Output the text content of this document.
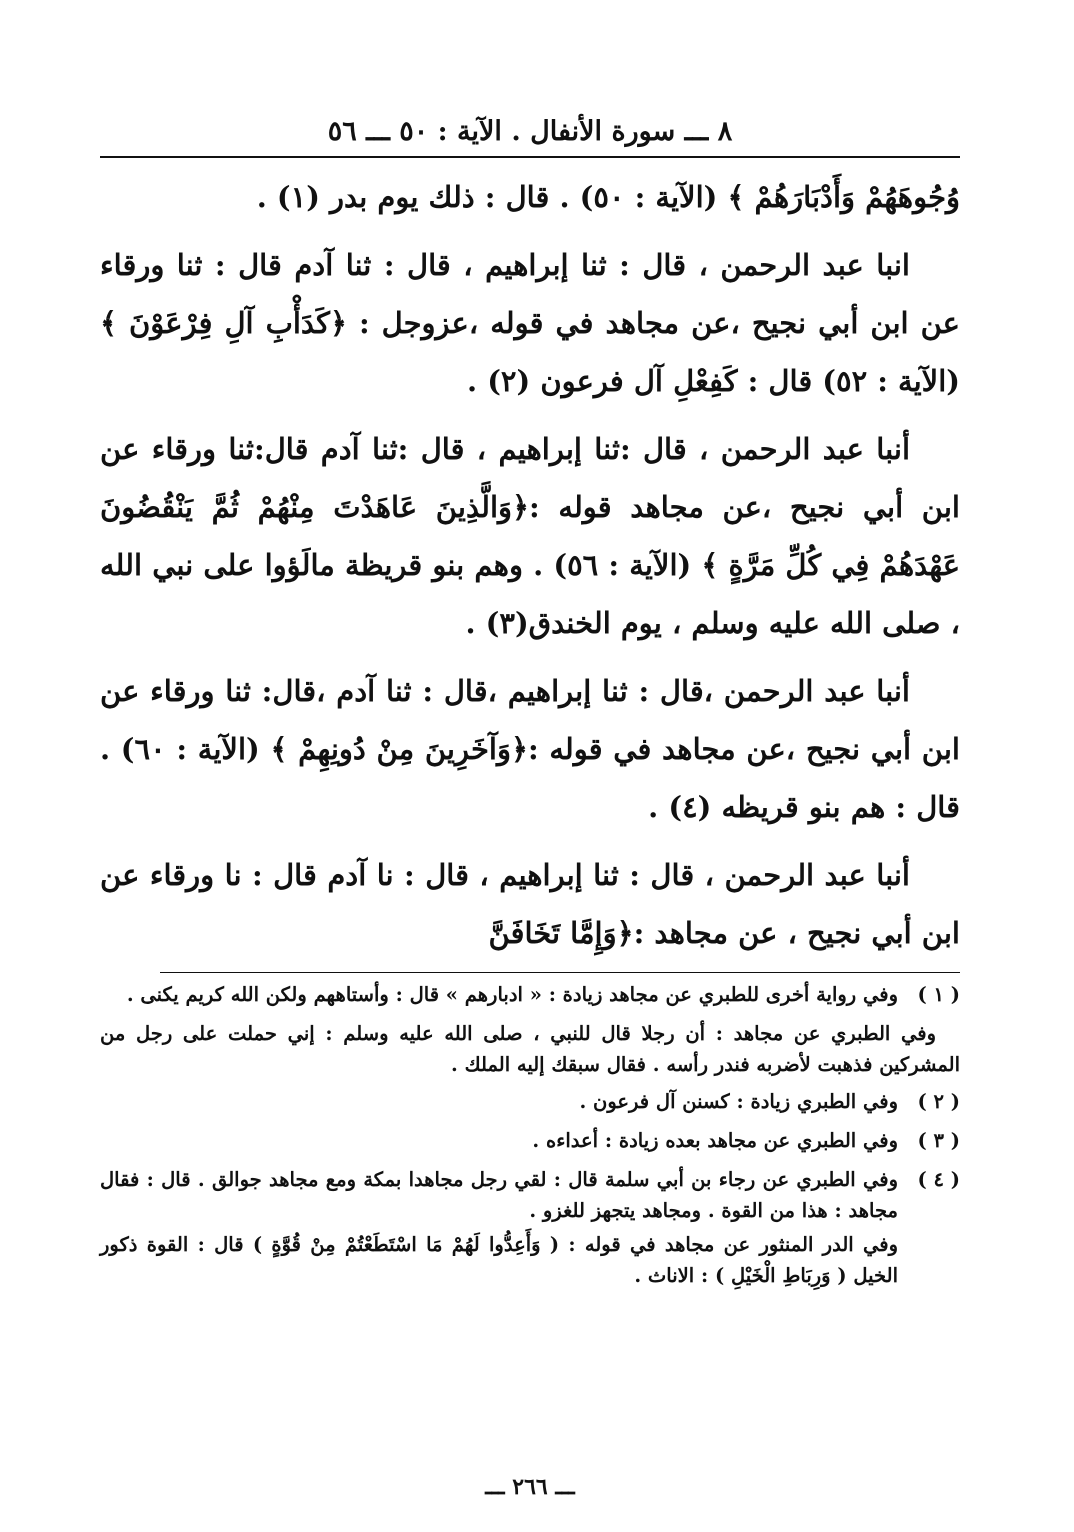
٨ ـــ سورة الأنفال . الآية : ٥٠ ـــ ٥٦

وُجُوهَهُمْ وَأَدْبَارَهُمْ ﴾ (الآية : ٥٠) . قال : ذلك يوم بدر (١) .

انبا عبد الرحمن ، قال : ثنا إبراهيم ، قال : ثنا آدم قال : ثنا ورقاء عن ابن أبي نجيح ،عن مجاهد في قوله ،عزوجل : ﴿كَدَأْبِ آلِ فِرْعَوْنَ ﴾ (الآية : ٥٢) قال : كَفِعْلِ آل فرعون (٢) .

أنبا عبد الرحمن ، قال :ثنا إبراهيم ، قال :ثنا آدم قال:ثنا ورقاء عن ابن أبي نجيح ،عن مجاهد قوله :﴿وَالَّذِينَ عَاهَدْتَ مِنْهُمْ ثُمَّ يَنْقُضُونَ عَهْدَهُمْ فِي كُلِّ مَرَّةٍ ﴾ (الآية : ٥٦) . وهم بنو قريظة مالَؤوا على نبي الله ، صلى الله عليه وسلم ، يوم الخندق(٣) .

أنبا عبد الرحمن ،قال : ثنا إبراهيم ،قال : ثنا آدم ،قال: ثنا ورقاء عن ابن أبي نجيح ،عن مجاهد في قوله :﴿وَآخَرِينَ مِنْ دُونِهِمْ ﴾ (الآية : ٦٠) . قال : هم بنو قريظه (٤) .

أنبا عبد الرحمن ، قال : ثنا إبراهيم ، قال : نا آدم قال : نا ورقاء عن ابن أبي نجيح ، عن مجاهد :﴿وَإِمَّا تَخَافَنَّ

( ١ )

وفي رواية أخرى للطبري عن مجاهد زيادة : « ادبارهم » قال : وأستاههم ولكن الله كريم يكنى .

وفي الطبري عن مجاهد : أن رجلا قال للنبي ، صلى الله عليه وسلم : إني حملت على رجل من المشركين فذهبت لأضربه فندر رأسه . فقال سبقك إليه الملك .

( ٢ )

وفي الطبري زيادة : كسنن آل فرعون .

( ٣ )

وفي الطبري عن مجاهد بعده زيادة : أعداءه .

( ٤ )

وفي الطبري عن رجاء بن أبي سلمة قال : لقي رجل مجاهدا بمكة ومع مجاهد جوالق . قال : فقال مجاهد : هذا من القوة . ومجاهد يتجهز للغزو .

وفي الدر المنثور عن مجاهد في قوله : ( وَأَعِدُّوا لَهُمْ مَا اسْتَطَعْتُمْ مِنْ قُوَّةٍ ) قال : القوة ذكور الخيل ( وَرِبَاطِ الْخَيْلِ ) : الاناث .

ـــ ٢٦٦ ـــ
